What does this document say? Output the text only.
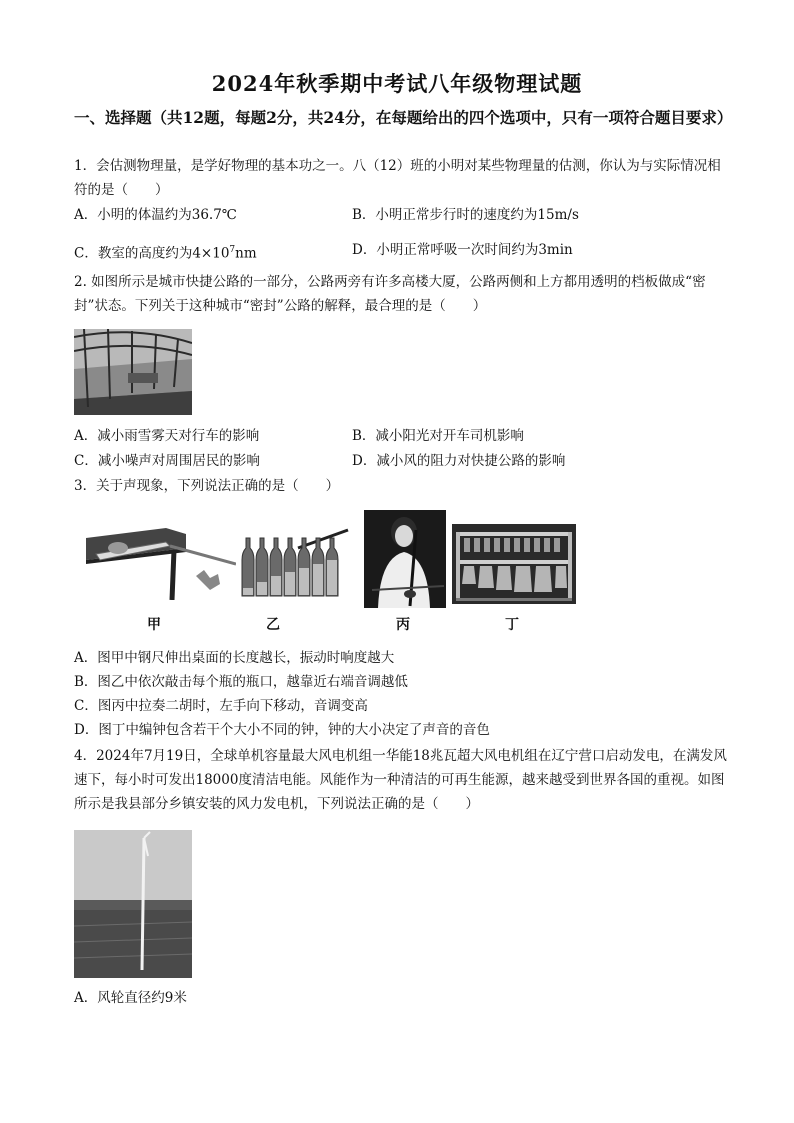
2024年秋季期中考试八年级物理试题
一、选择题（共12题，每题2分，共24分，在每题给出的四个选项中，只有一项符合题目要求）
1．会估测物理量，是学好物理的基本功之一。八（12）班的小明对某些物理量的估测，你认为与实际情况相符的是（　　）
A．小明的体温约为36.7℃	B．小明正常步行时的速度约为15m/s
C．教室的高度约为$4\times 10^7nm$	D．小明正常呼吸一次时间约为3min
2. 如图所示是城市快捷公路的一部分，公路两旁有许多高楼大厦，公路两侧和上方都用透明的档板做成“密封”状态。下列关于这种城市“密封”公路的解释，最合理的是（　　）
A．减小雨雪雾天对行车的影响	B．减小阳光对开车司机影响
C．减小噪声对周围居民的影响	D．减小风的阻力对快捷公路的影响
3．关于声现象，下列说法正确的是（　　）
甲	乙	丙	丁
A．图甲中钢尺伸出桌面的长度越长，振动时响度越大
B．图乙中依次敲击每个瓶的瓶口，越靠近右端音调越低
C．图丙中拉奏二胡时，左手向下移动，音调变高
D．图丁中编钟包含若干个大小不同的钟，钟的大小决定了声音的音色
4．2024年7月19日，全球单机容量最大风电机组一华能18兆瓦超大风电机组在辽宁营口启动发电，在满发风速下，每小时可发出18000度清洁电能。风能作为一种清洁的可再生能源，越来越受到世界各国的重视。如图所示是我县部分乡镇安装的风力发电机，下列说法正确的是（　　）
A．风轮直径约9米
